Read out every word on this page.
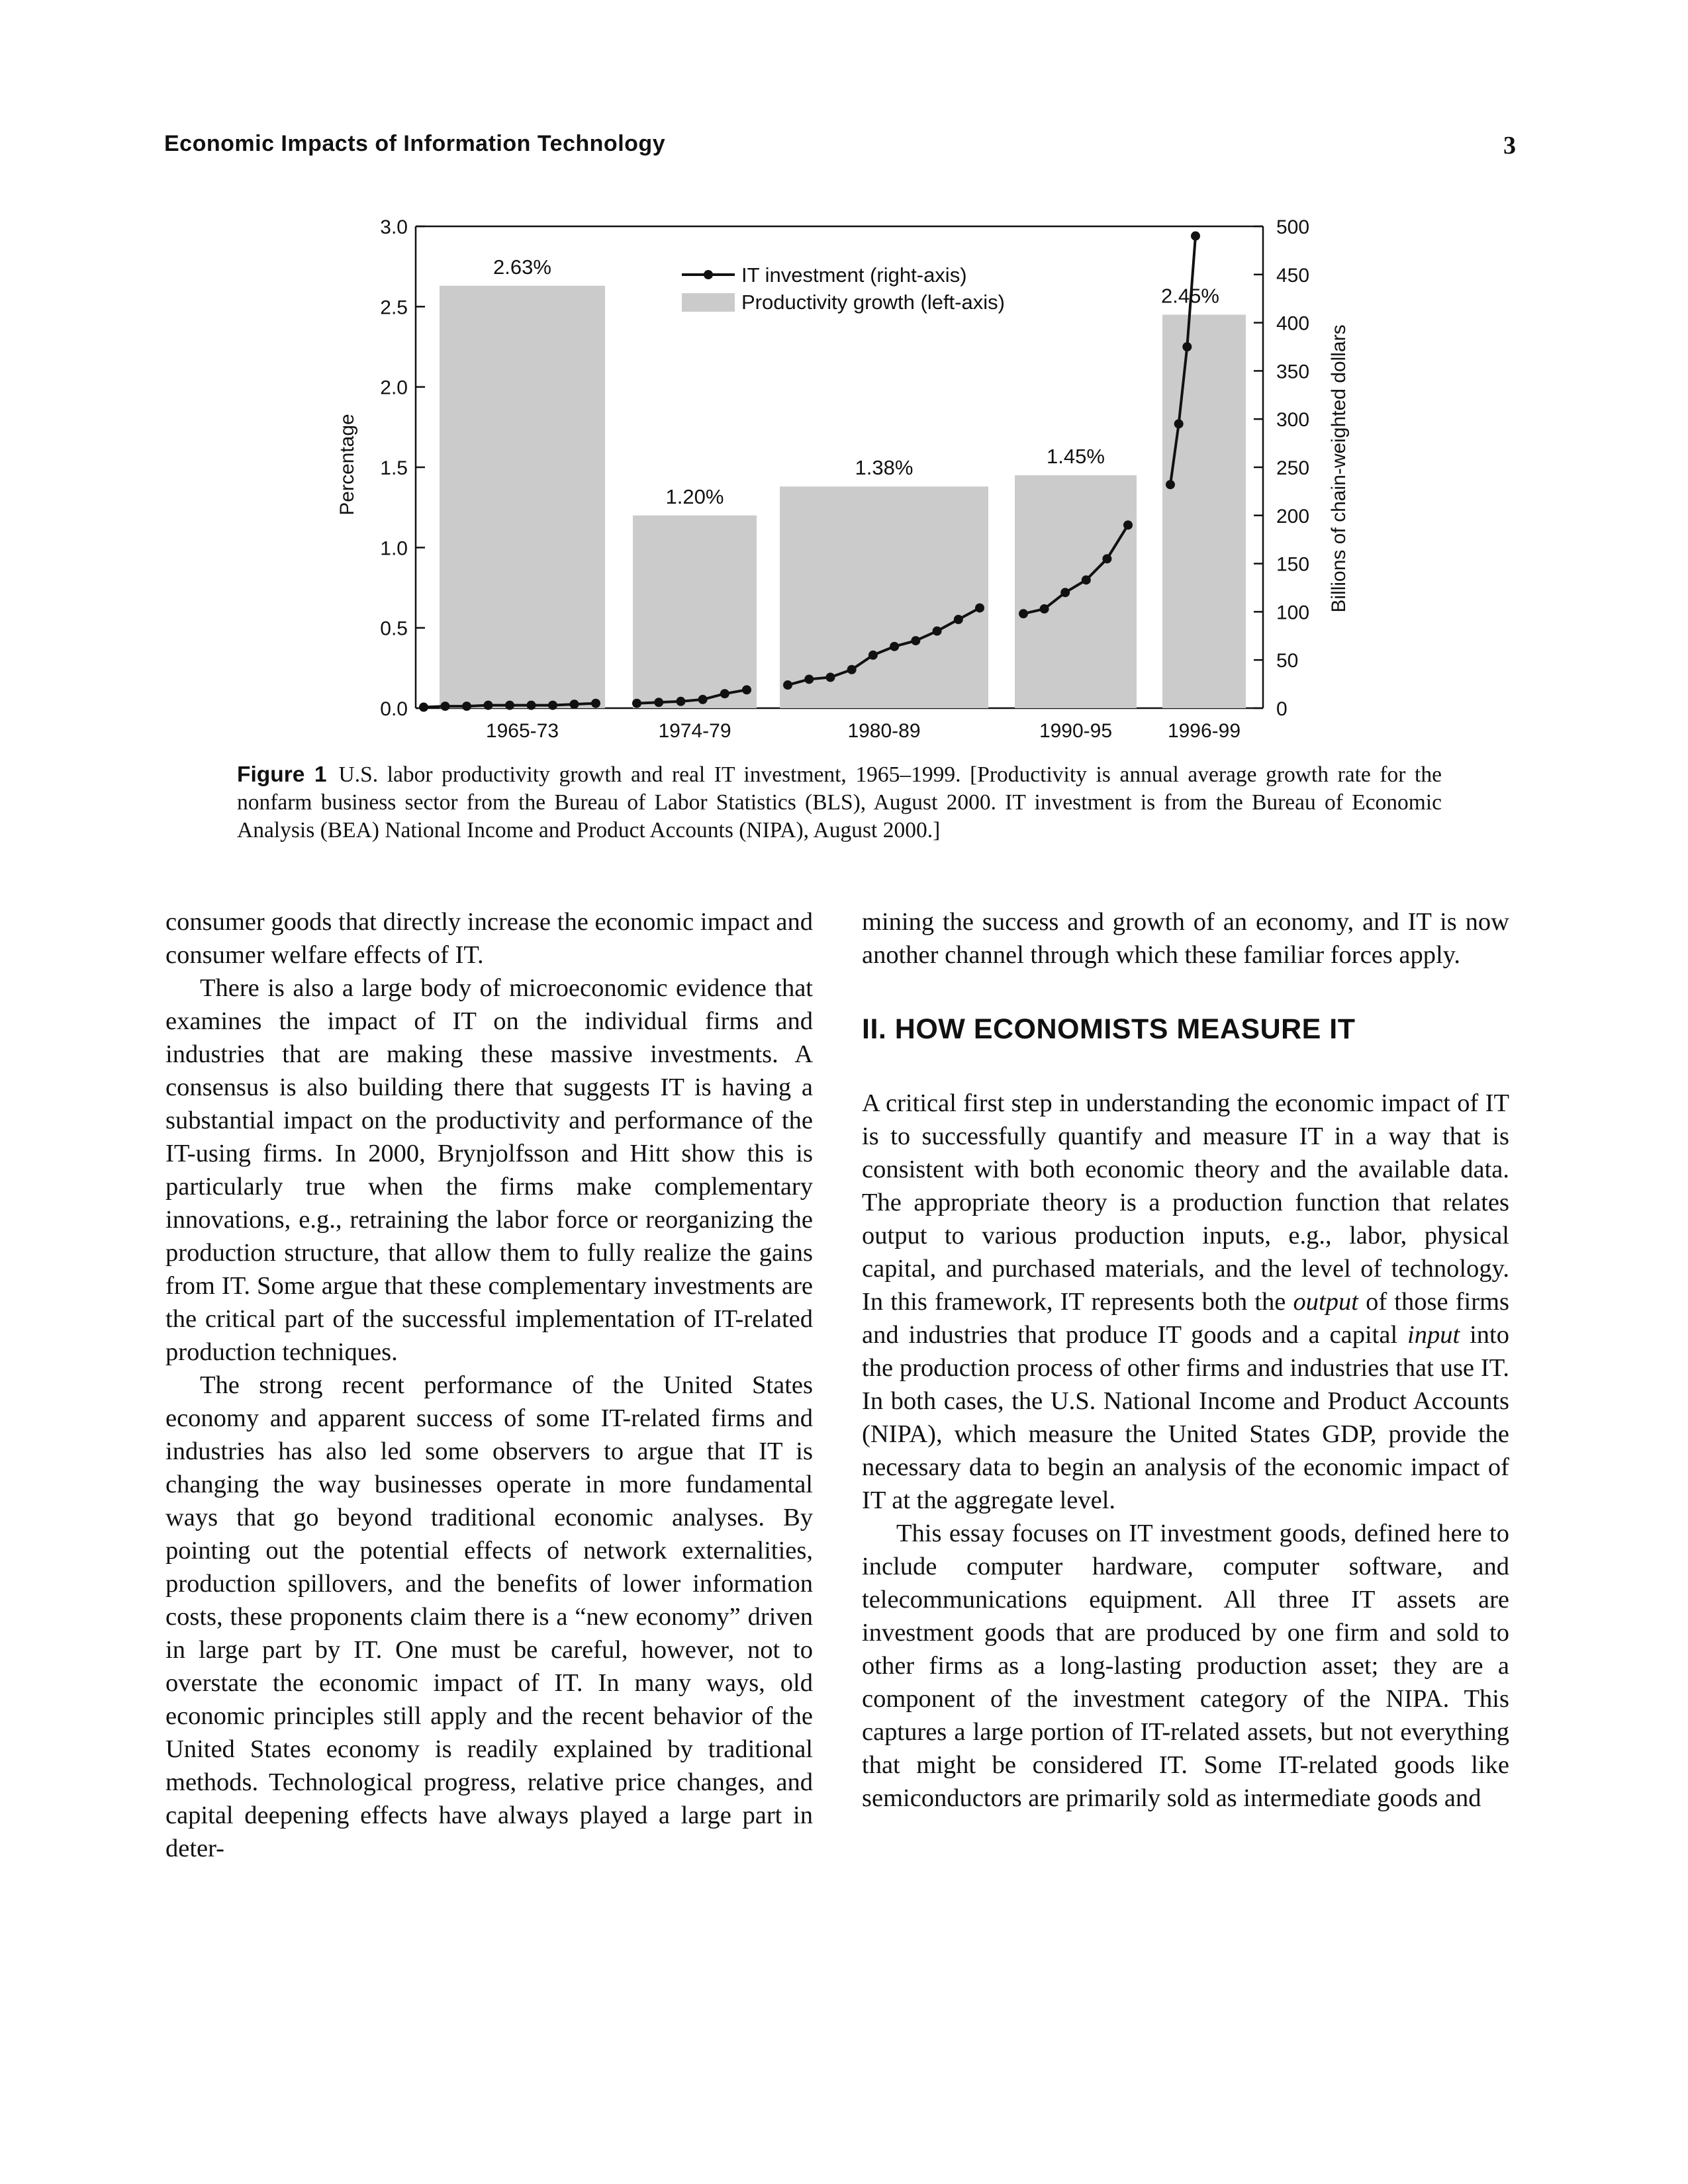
Economic Impacts of Information Technology	3
2.63%
1.20%
1.38%	1.45%
2.45%
0.0
0.5
1.0
1.5
2.0
2.5
3.0
0
50
100
150
200
250
300
350
400
450
500
1965-73	1974-79	1980-89	1990-95	1996-99
Percentage	Billions of chain-weighted dollars
IT investment (right-axis)
Productivity growth (left-axis)
Figure 1 U.S. labor productivity growth and real IT investment, 1965–1999. [Productivity is annual average growth rate for the nonfarm business sector from the Bureau of Labor Statistics (BLS), August 2000. IT investment is from the Bureau of Economic Analysis (BEA) National Income and Product Accounts (NIPA), August 2000.]

consumer goods that directly increase the economic impact and consumer welfare effects of IT.

There is also a large body of microeconomic evidence that examines the impact of IT on the individual firms and industries that are making these massive investments. A consensus is also building there that suggests IT is having a substantial impact on the productivity and performance of the IT-using firms. In 2000, Brynjolfsson and Hitt show this is particularly true when the firms make complementary innovations, e.g., retraining the labor force or reorganizing the production structure, that allow them to fully realize the gains from IT. Some argue that these complementary investments are the critical part of the successful implementation of IT-related production techniques.

The strong recent performance of the United States economy and apparent success of some IT-related firms and industries has also led some observers to argue that IT is changing the way businesses operate in more fundamental ways that go beyond traditional economic analyses. By pointing out the potential effects of network externalities, production spillovers, and the benefits of lower information costs, these proponents claim there is a “new economy” driven in large part by IT. One must be careful, however, not to overstate the economic impact of IT. In many ways, old economic principles still apply and the recent behavior of the United States economy is readily explained by traditional methods. Technological progress, relative price changes, and capital deepening effects have always played a large part in deter-

mining the success and growth of an economy, and IT is now another channel through which these familiar forces apply.

II. HOW ECONOMISTS MEASURE IT

A critical first step in understanding the economic impact of IT is to successfully quantify and measure IT in a way that is consistent with both economic theory and the available data. The appropriate theory is a production function that relates output to various production inputs, e.g., labor, physical capital, and purchased materials, and the level of technology. In this framework, IT represents both the output of those firms and industries that produce IT goods and a capital input into the production process of other firms and industries that use IT. In both cases, the U.S. National Income and Product Accounts (NIPA), which measure the United States GDP, provide the necessary data to begin an analysis of the economic impact of IT at the aggregate level.

This essay focuses on IT investment goods, defined here to include computer hardware, computer software, and telecommunications equipment. All three IT assets are investment goods that are produced by one firm and sold to other firms as a long-lasting production asset; they are a component of the investment category of the NIPA. This captures a large portion of IT-related assets, but not everything that might be considered IT. Some IT-related goods like semiconductors are primarily sold as intermediate goods and
